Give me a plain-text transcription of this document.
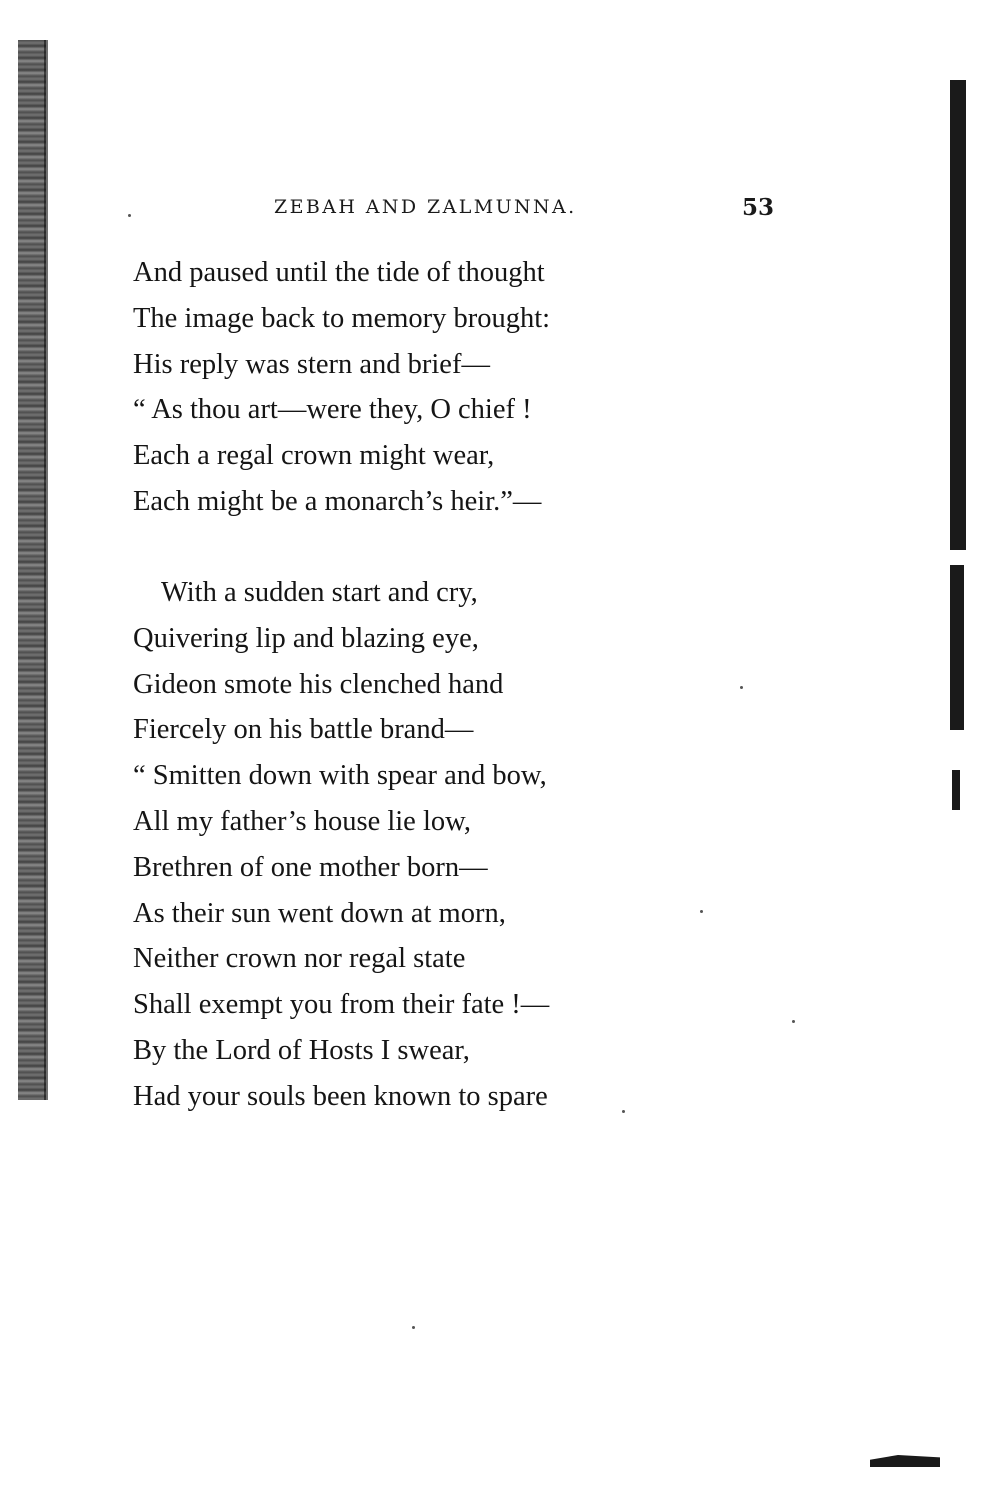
ZEBAH AND ZALMUNNA.	53
And paused until the tide of thought
The image back to memory brought:
His reply was stern and brief—
“ As thou art—were they, O chief !
Each a regal crown might wear,
Each might be a monarch’s heir.”—
With a sudden start and cry,
Quivering lip and blazing eye,
Gideon smote his clenched hand
Fiercely on his battle brand—
“ Smitten down with spear and bow,
All my father’s house lie low,
Brethren of one mother born—
As their sun went down at morn,
Neither crown nor regal state
Shall exempt you from their fate !—
By the Lord of Hosts I swear,
Had your souls been known to spare
